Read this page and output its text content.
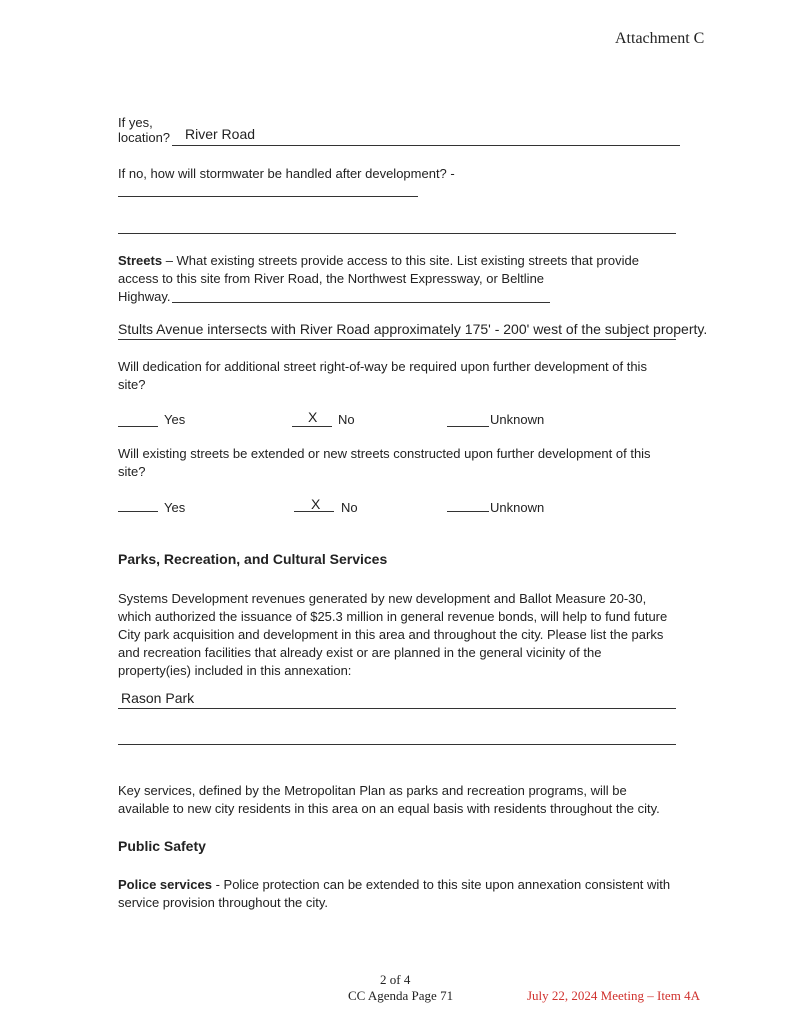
Attachment C
If yes,
location? River Road
If no, how will stormwater be handled after development? -
Streets – What existing streets provide access to this site. List existing streets that provide
access to this site from River Road, the Northwest Expressway, or Beltline
Highway.
Stults Avenue intersects with River Road approximately 175' - 200' west of the subject property.
Will dedication for additional street right-of-way be required upon further development of this
site?
Yes	X No	Unknown
Will existing streets be extended or new streets constructed upon further development of this
site?
Yes	X No	Unknown
Parks, Recreation, and Cultural Services
Systems Development revenues generated by new development and Ballot Measure 20-30,
which authorized the issuance of $25.3 million in general revenue bonds, will help to fund future
City park acquisition and development in this area and throughout the city. Please list the parks
and recreation facilities that already exist or are planned in the general vicinity of the
property(ies) included in this annexation:
Rason Park
Key services, defined by the Metropolitan Plan as parks and recreation programs, will be
available to new city residents in this area on an equal basis with residents throughout the city.
Public Safety
Police services - Police protection can be extended to this site upon annexation consistent with
service provision throughout the city.
2 of 4
CC Agenda Page 71	July 22, 2024 Meeting – Item 4A
